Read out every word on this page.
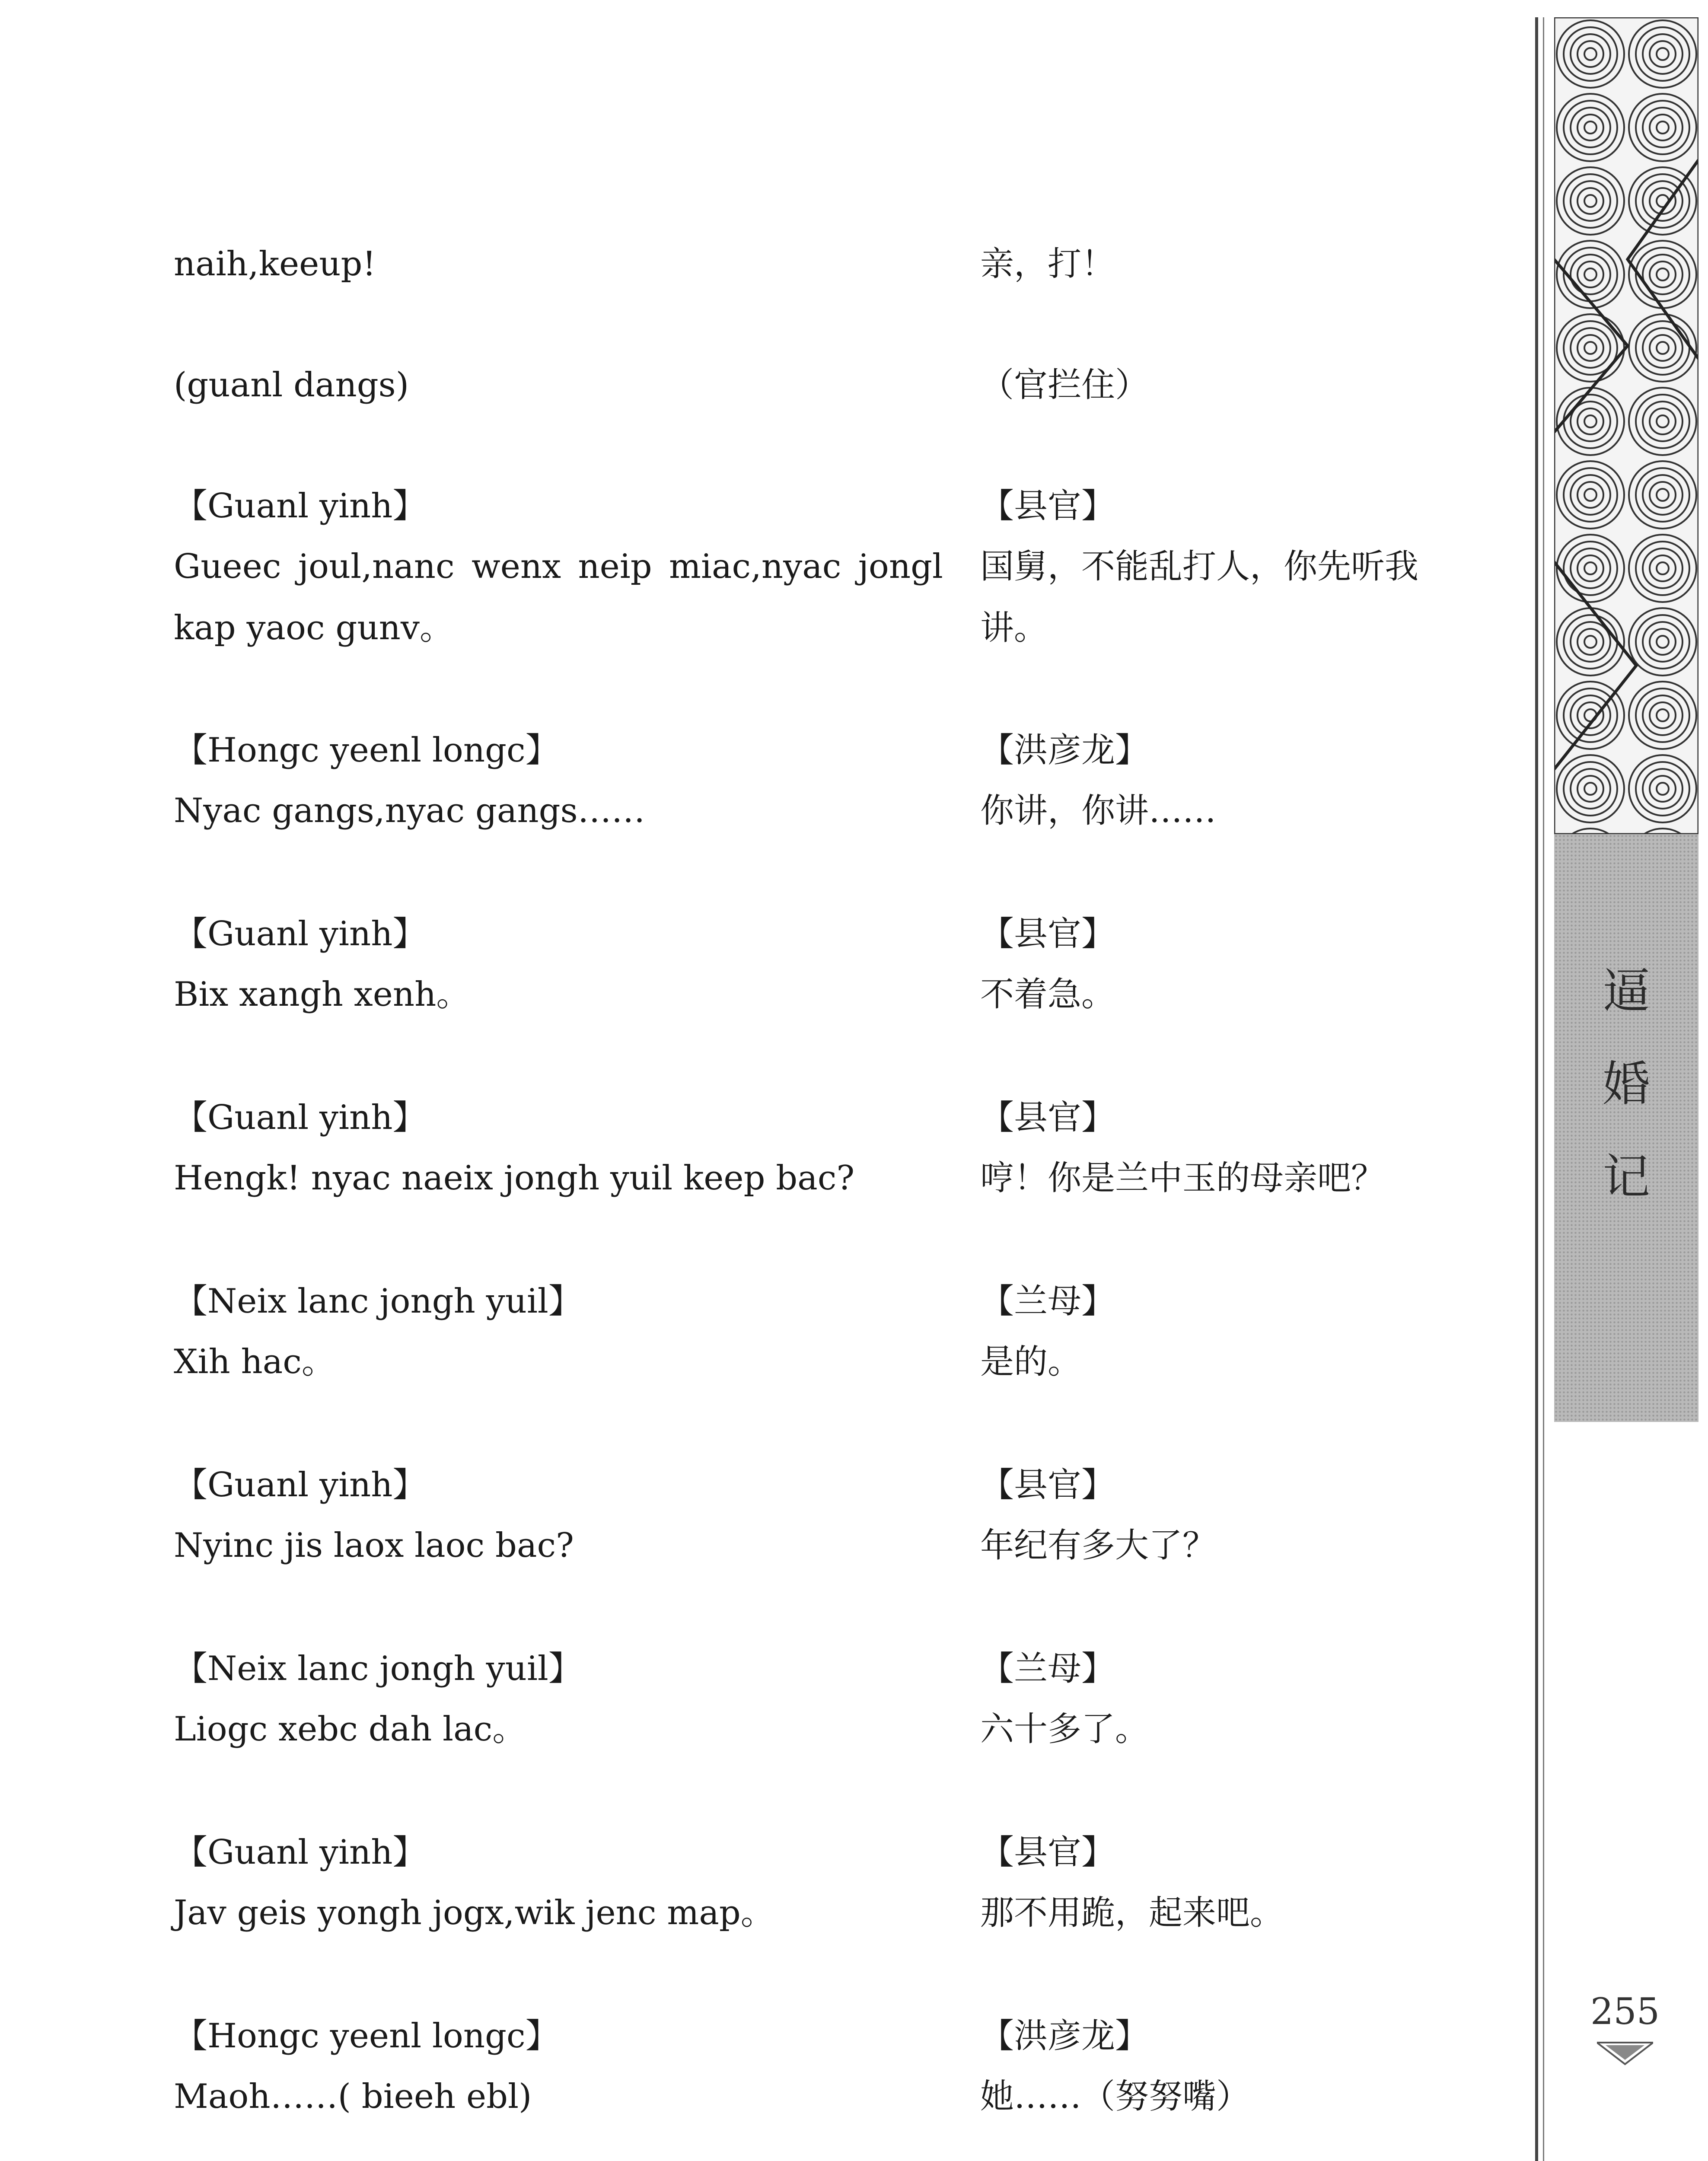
naih,keeup!
(guanl dangs)
【Guanl yinh】
Gueec joul,nanc wenx neip miac,nyac jongl kap yaoc gunv。
【Hongc yeenl longc】
Nyac gangs,nyac gangs……
【Guanl yinh】
Bix xangh xenh。
【Guanl yinh】
Hengk! nyac naeix jongh yuil keep bac?
【Neix lanc jongh yuil】
Xih hac。
【Guanl yinh】
Nyinc jis laox laoc bac?
【Neix lanc jongh yuil】
Liogc xebc dah lac。
【Guanl yinh】
Jav geis yongh jogx,wik jenc map。
【Hongc yeenl longc】
Maoh……( bieeh ebl)
亲，打！
（官拦住）
【县官】
国舅，不能乱打人，你先听我讲。
【洪彦龙】
你讲，你讲……
【县官】
不着急。
【县官】
哼！你是兰中玉的母亲吧？
【兰母】
是的。
【县官】
年纪有多大了？
【兰母】
六十多了。
【县官】
那不用跪，起来吧。
【洪彦龙】
她……（努努嘴）
逼
婚
记
255
